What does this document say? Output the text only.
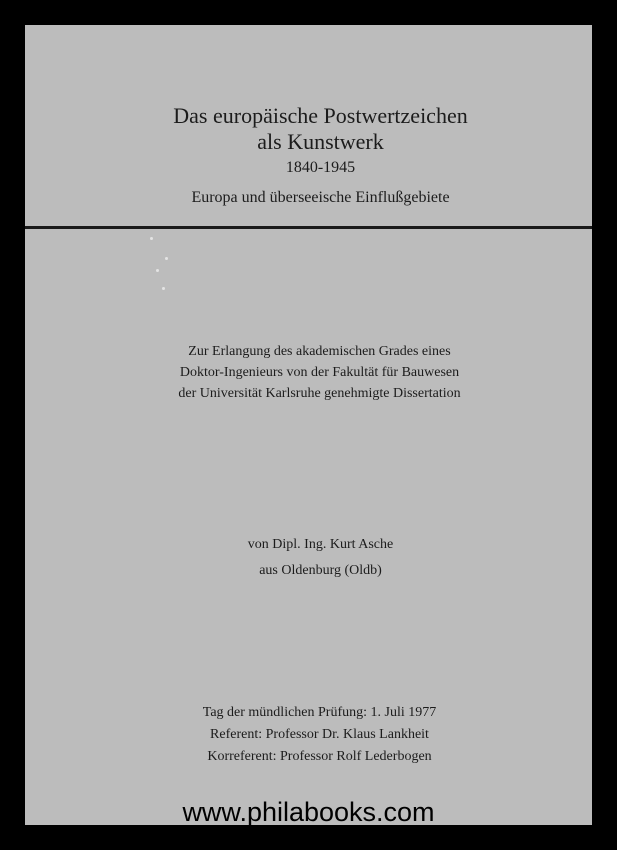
Das europäische Postwertzeichen
als Kunstwerk
1840-1945
Europa und überseeische Einflußgebiete
Zur Erlangung des akademischen Grades eines
Doktor-Ingenieurs von der Fakultät für Bauwesen
der Universität Karlsruhe genehmigte Dissertation
von Dipl. Ing. Kurt Asche
aus Oldenburg (Oldb)
Tag der mündlichen Prüfung: 1. Juli 1977
Referent: Professor Dr. Klaus Lankheit
Korreferent: Professor Rolf Lederbogen
www.philabooks.com
